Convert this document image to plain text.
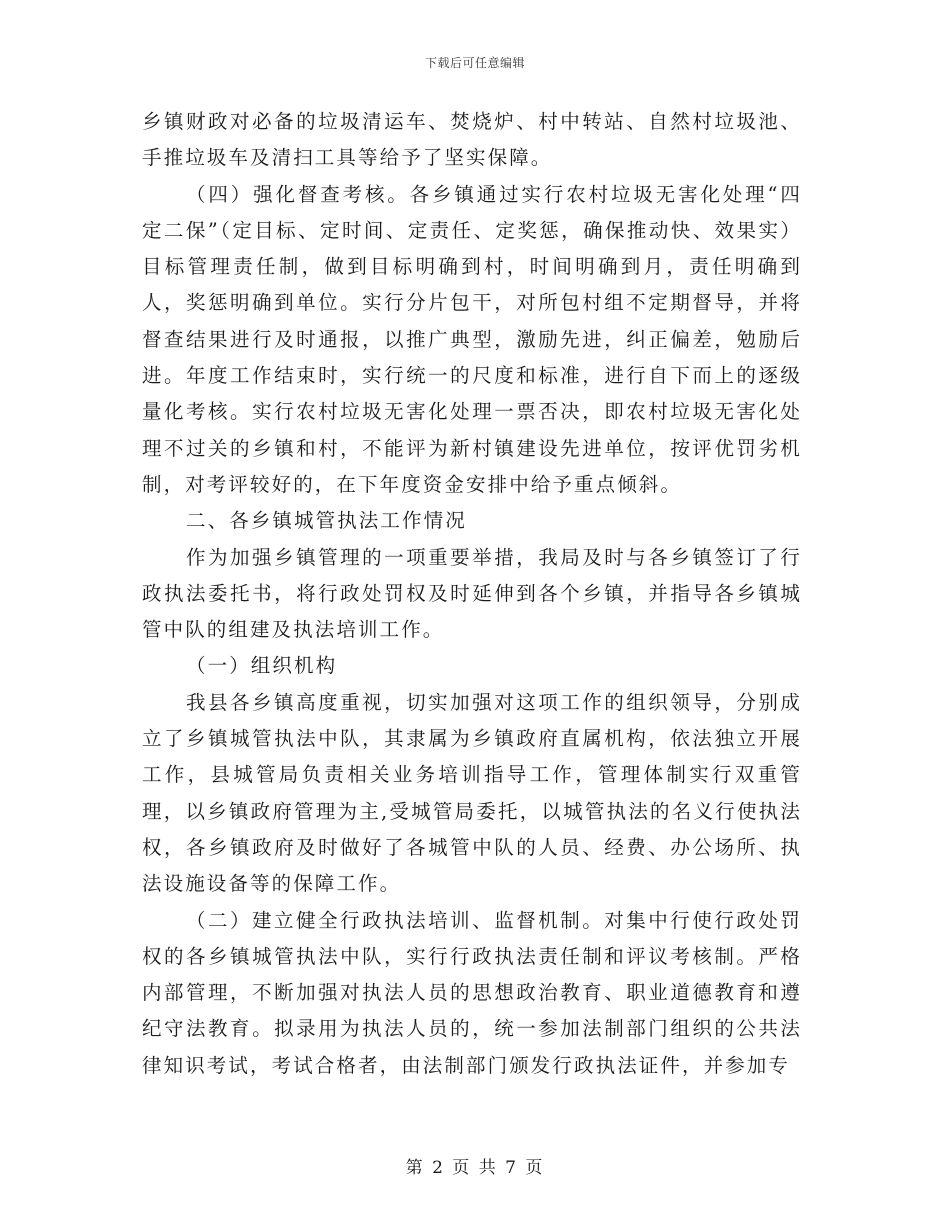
下载后可任意编辑

乡镇财政对必备的垃圾清运车、焚烧炉、村中转站、自然村垃圾池、手推垃圾车及清扫工具等给予了坚实保障。

（四）强化督查考核。各乡镇通过实行农村垃圾无害化处理“四定二保”（定目标、定时间、定责任、定奖惩，确保推动快、效果实）目标管理责任制，做到目标明确到村，时间明确到月，责任明确到人，奖惩明确到单位。实行分片包干，对所包村组不定期督导，并将督查结果进行及时通报，以推广典型，激励先进，纠正偏差，勉励后进。年度工作结束时，实行统一的尺度和标准，进行自下而上的逐级量化考核。实行农村垃圾无害化处理一票否决，即农村垃圾无害化处理不过关的乡镇和村，不能评为新村镇建设先进单位，按评优罚劣机制，对考评较好的，在下年度资金安排中给予重点倾斜。

二、各乡镇城管执法工作情况

作为加强乡镇管理的一项重要举措，我局及时与各乡镇签订了行政执法委托书，将行政处罚权及时延伸到各个乡镇，并指导各乡镇城管中队的组建及执法培训工作。

（一）组织机构

我县各乡镇高度重视，切实加强对这项工作的组织领导，分别成立了乡镇城管执法中队，其隶属为乡镇政府直属机构，依法独立开展工作，县城管局负责相关业务培训指导工作，管理体制实行双重管理，以乡镇政府管理为主,受城管局委托，以城管执法的名义行使执法权，各乡镇政府及时做好了各城管中队的人员、经费、办公场所、执法设施设备等的保障工作。

（二）建立健全行政执法培训、监督机制。对集中行使行政处罚权的各乡镇城管执法中队，实行行政执法责任制和评议考核制。严格内部管理，不断加强对执法人员的思想政治教育、职业道德教育和遵纪守法教育。拟录用为执法人员的，统一参加法制部门组织的公共法律知识考试，考试合格者，由法制部门颁发行政执法证件，并参加专

第 2 页 共 7 页
